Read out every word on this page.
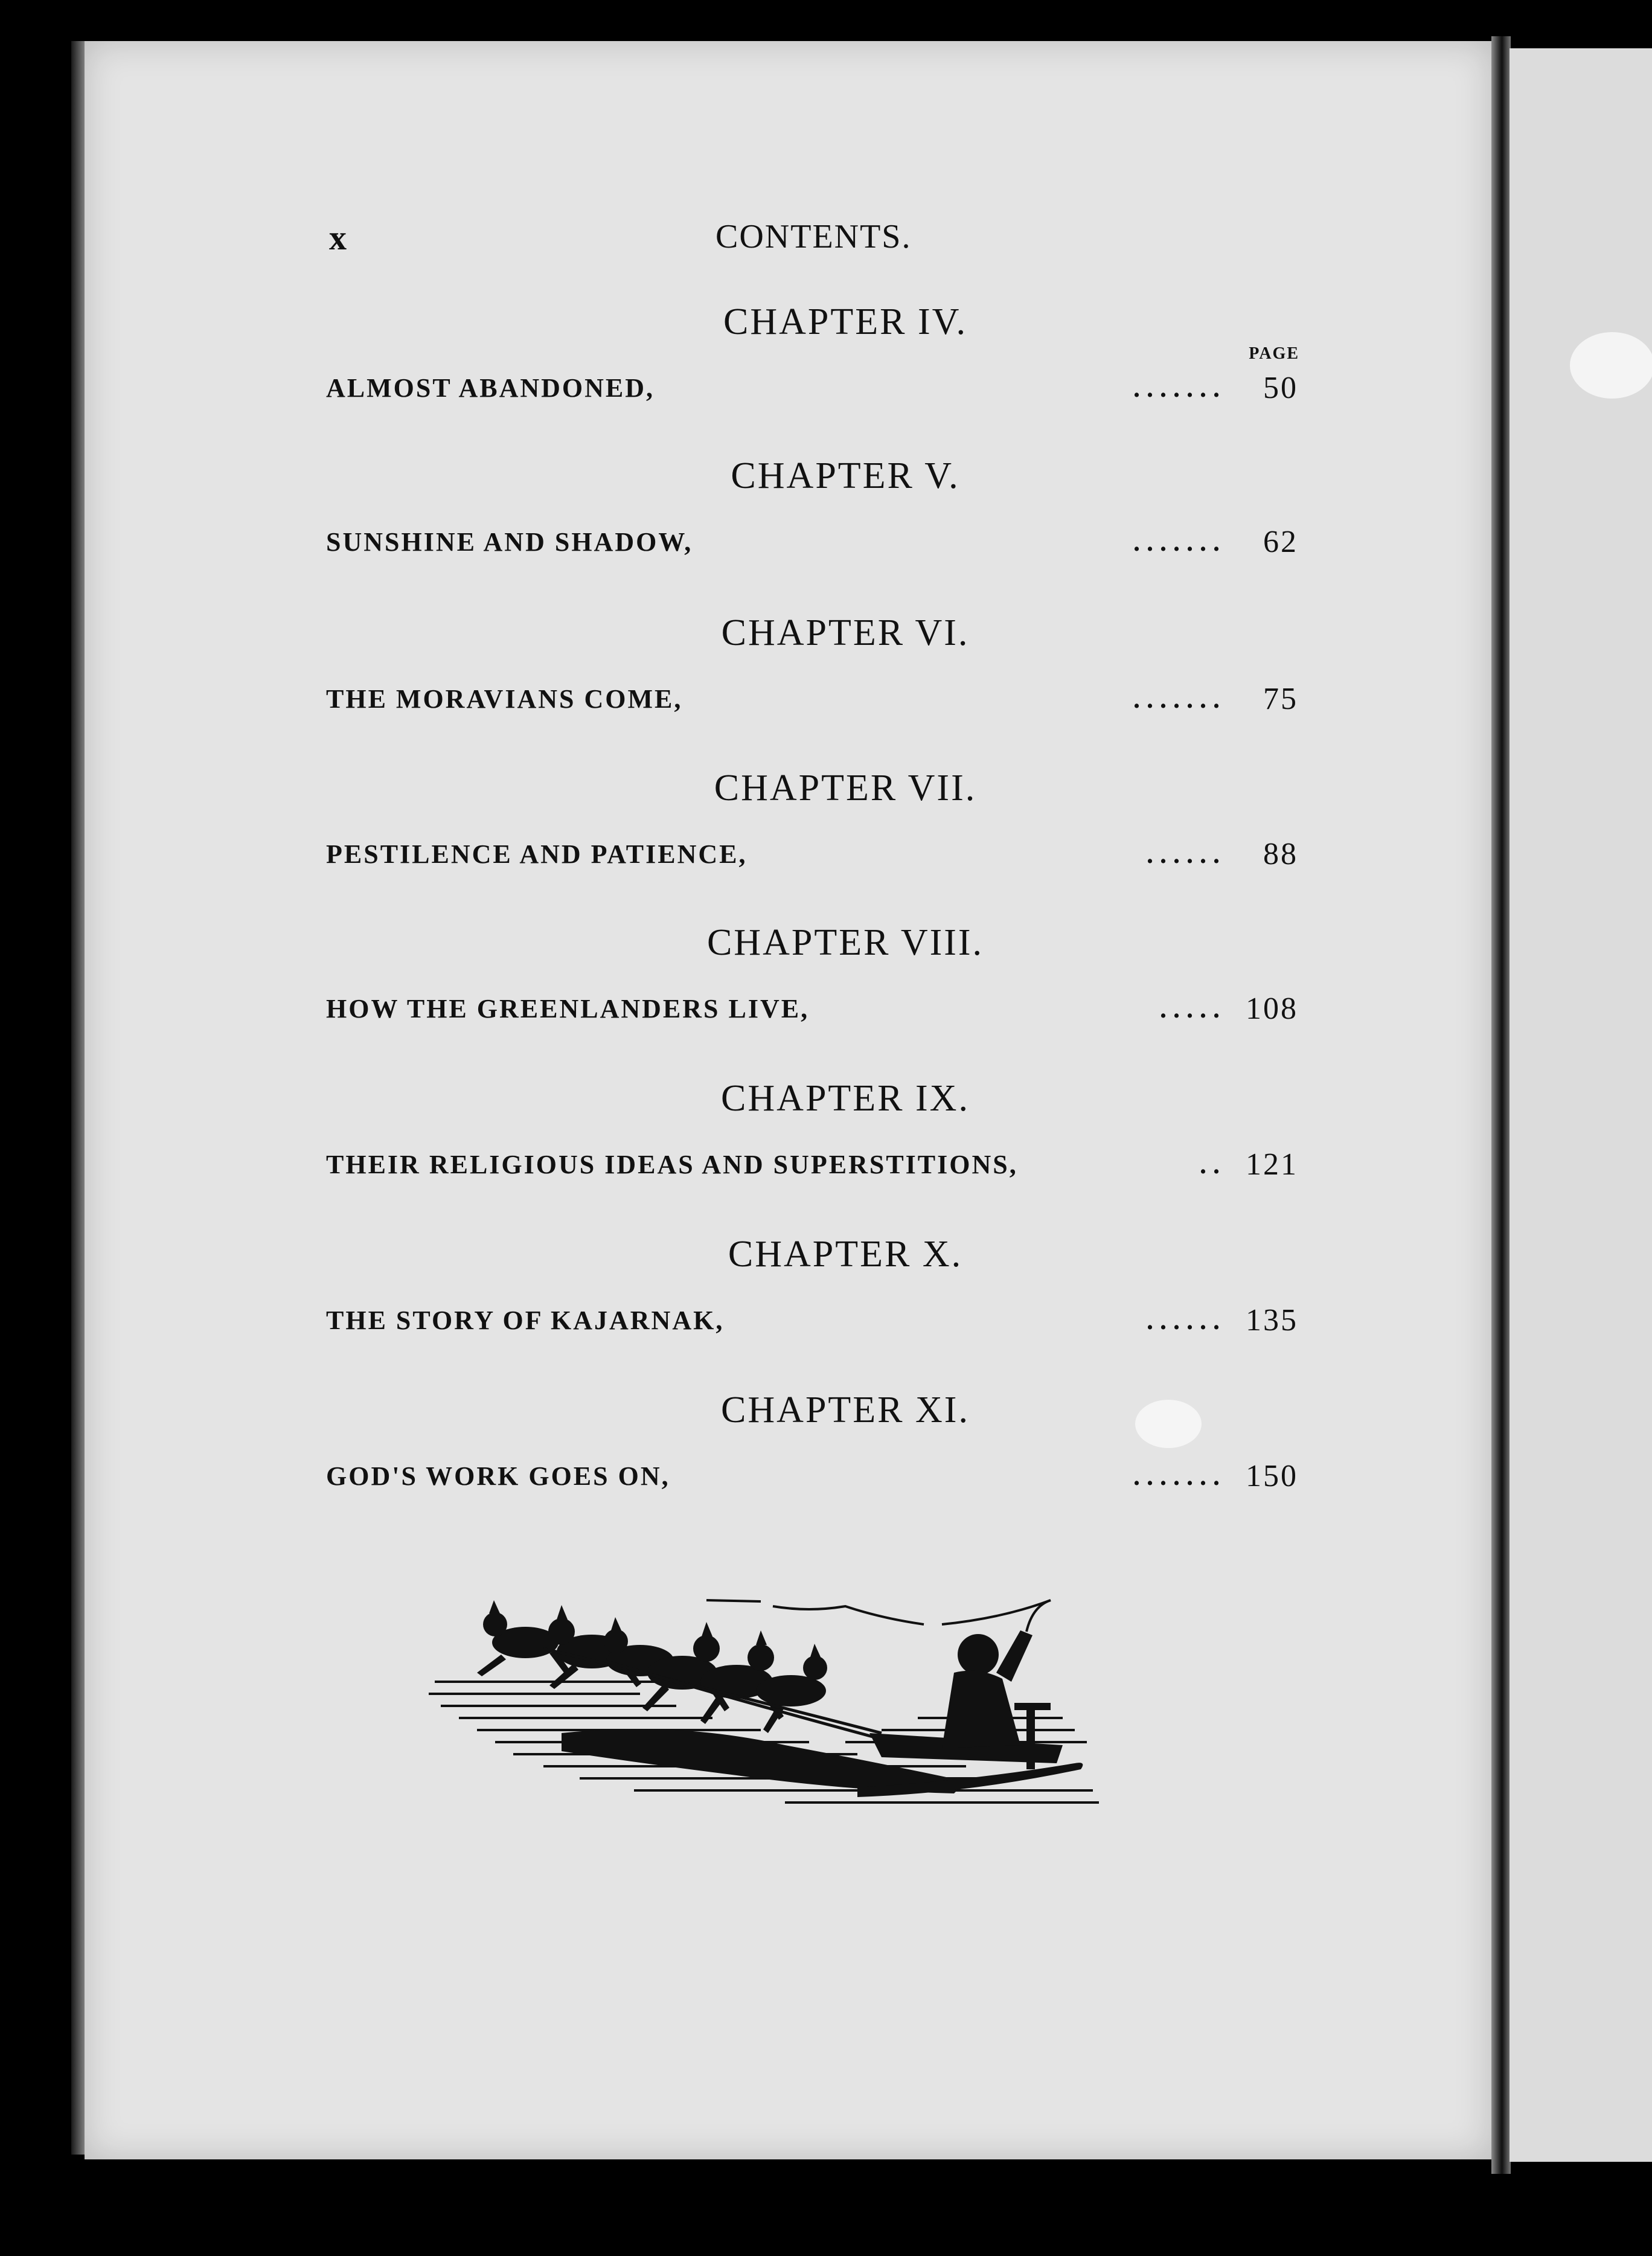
x	CONTENTS.
CHAPTER IV.
PAGE
ALMOST ABANDONED,	. . . . . . .	50
CHAPTER V.
SUNSHINE AND SHADOW,	. . . . . . .	62
CHAPTER VI.
THE MORAVIANS COME,	. . . . . . .	75
CHAPTER VII.
PESTILENCE AND PATIENCE,	. . . . . .	88
CHAPTER VIII.
HOW THE GREENLANDERS LIVE,	. . . . . 108
CHAPTER IX.
THEIR RELIGIOUS IDEAS AND SUPERSTITIONS,	. . 121
CHAPTER X.
THE STORY OF KAJARNAK,	. . . . . . 135
CHAPTER XI.
GOD'S WORK GOES ON,	. . . . . . . 150
